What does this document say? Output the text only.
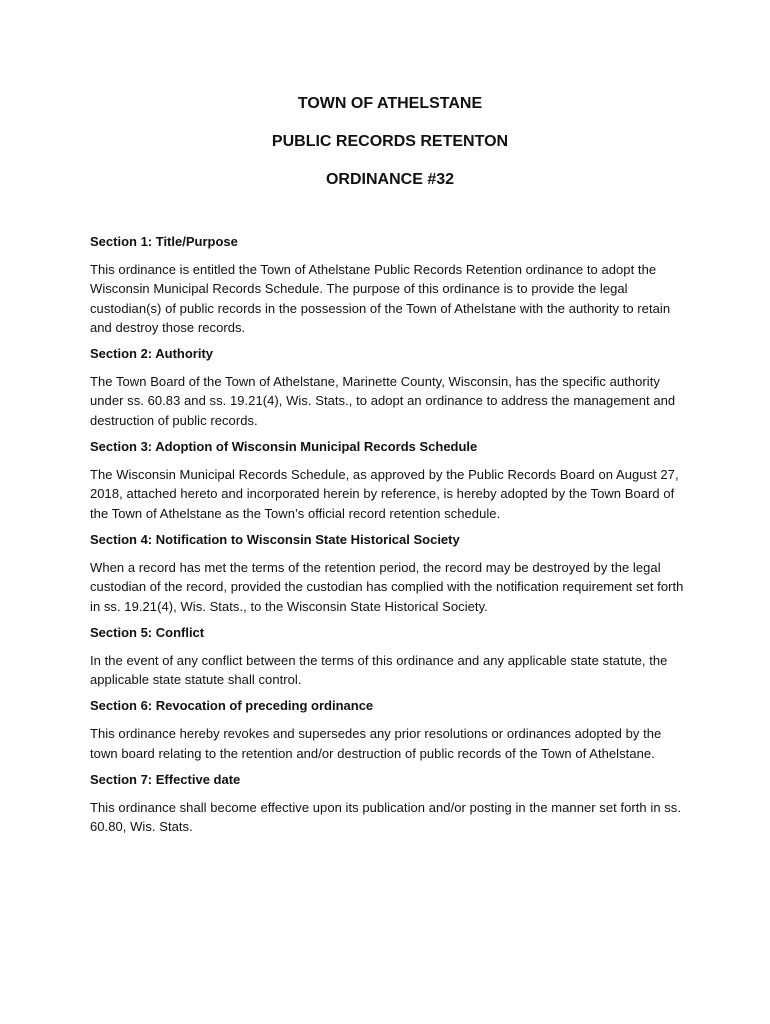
TOWN OF ATHELSTANE

PUBLIC RECORDS RETENTON

ORDINANCE #32

Section 1: Title/Purpose

This ordinance is entitled the Town of Athelstane Public Records Retention ordinance to adopt the Wisconsin Municipal Records Schedule. The purpose of this ordinance is to provide the legal custodian(s) of public records in the possession of the Town of Athelstane with the authority to retain and destroy those records.

Section 2: Authority

The Town Board of the Town of Athelstane, Marinette County, Wisconsin, has the specific authority under ss. 60.83 and ss. 19.21(4), Wis. Stats., to adopt an ordinance to address the management and destruction of public records.

Section 3: Adoption of Wisconsin Municipal Records Schedule

The Wisconsin Municipal Records Schedule, as approved by the Public Records Board on August 27, 2018, attached hereto and incorporated herein by reference, is hereby adopted by the Town Board of the Town of Athelstane as the Town’s official record retention schedule.

Section 4: Notification to Wisconsin State Historical Society

When a record has met the terms of the retention period, the record may be destroyed by the legal custodian of the record, provided the custodian has complied with the notification requirement set forth in ss. 19.21(4), Wis. Stats., to the Wisconsin State Historical Society.

Section 5: Conflict

In the event of any conflict between the terms of this ordinance and any applicable state statute, the applicable state statute shall control.

Section 6: Revocation of preceding ordinance

This ordinance hereby revokes and supersedes any prior resolutions or ordinances adopted by the town board relating to the retention and/or destruction of public records of the Town of Athelstane.

Section 7: Effective date

This ordinance shall become effective upon its publication and/or posting in the manner set forth in ss. 60.80, Wis. Stats.
